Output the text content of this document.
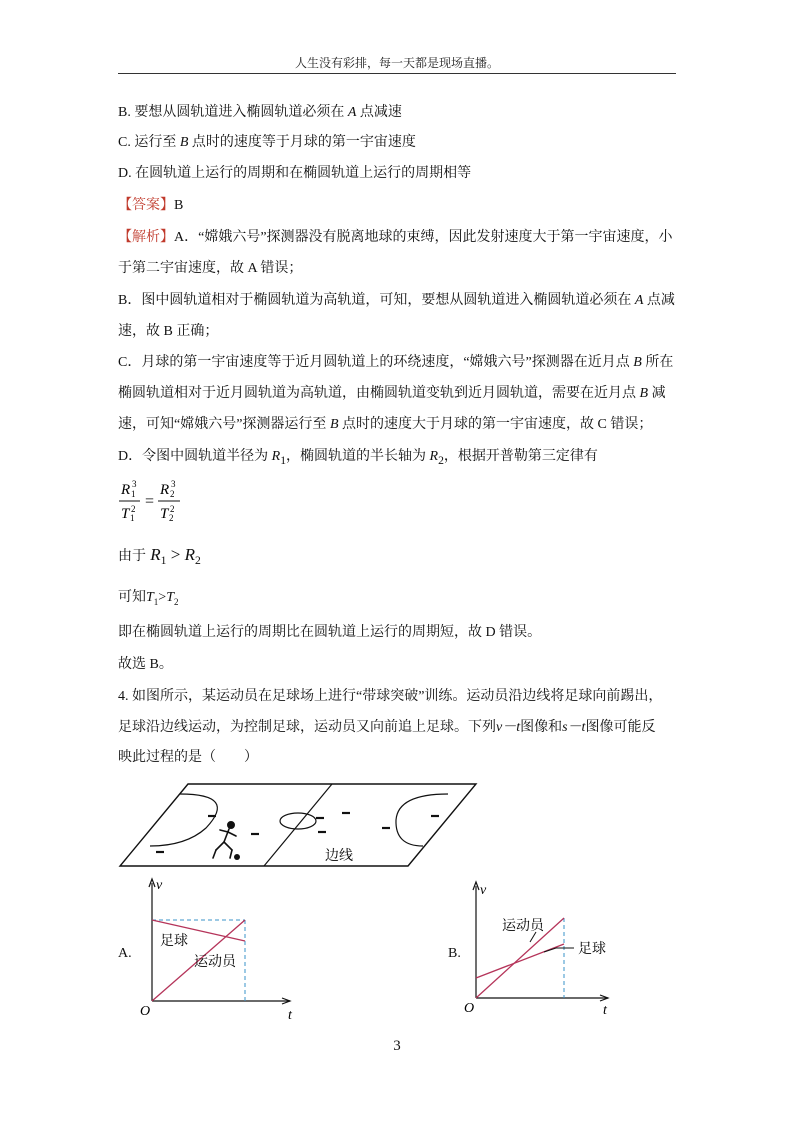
人生没有彩排，每一天都是现场直播。
B. 要想从圆轨道进入椭圆轨道必须在 A 点减速
C. 运行至 B 点时的速度等于月球的第一宇宙速度
D. 在圆轨道上运行的周期和在椭圆轨道上运行的周期相等
【答案】B
【解析】A．“嫦娥六号”探测器没有脱离地球的束缚，因此发射速度大于第一宇宙速度，小
于第二宇宙速度，故 A 错误；
B．图中圆轨道相对于椭圆轨道为高轨道，可知，要想从圆轨道进入椭圆轨道必须在 A 点减
速，故 B 正确；
C．月球的第一宇宙速度等于近月圆轨道上的环绕速度，“嫦娥六号”探测器在近月点 B 所在
椭圆轨道相对于近月圆轨道为高轨道，由椭圆轨道变轨到近月圆轨道，需要在近月点 B 减
速，可知“嫦娥六号”探测器运行至 B 点时的速度大于月球的第一宇宙速度，故 C 错误；
D．令图中圆轨道半径为 $R_1$，椭圆轨道的半长轴为 $R_2$，根据开普勒第三定律有
R 1
3
T 1
2 =
R 2
3
T 2
2
由于 $R_1 > R_2$
可知$T_1>T_2$
即在椭圆轨道上运行的周期比在圆轨道上运行的周期短，故 D 错误。
故选 B。
4. 如图所示，某运动员在足球场上进行“带球突破”训练。运动员沿边线将足球向前踢出，
足球沿边线运动，为控制足球，运动员又向前追上足球。下列v－t图像和s－t图像可能反
映此过程的是（　　）
边线
A.
v
t
O
足球
运动员
B.
v
t
O
运动员
足球
3
